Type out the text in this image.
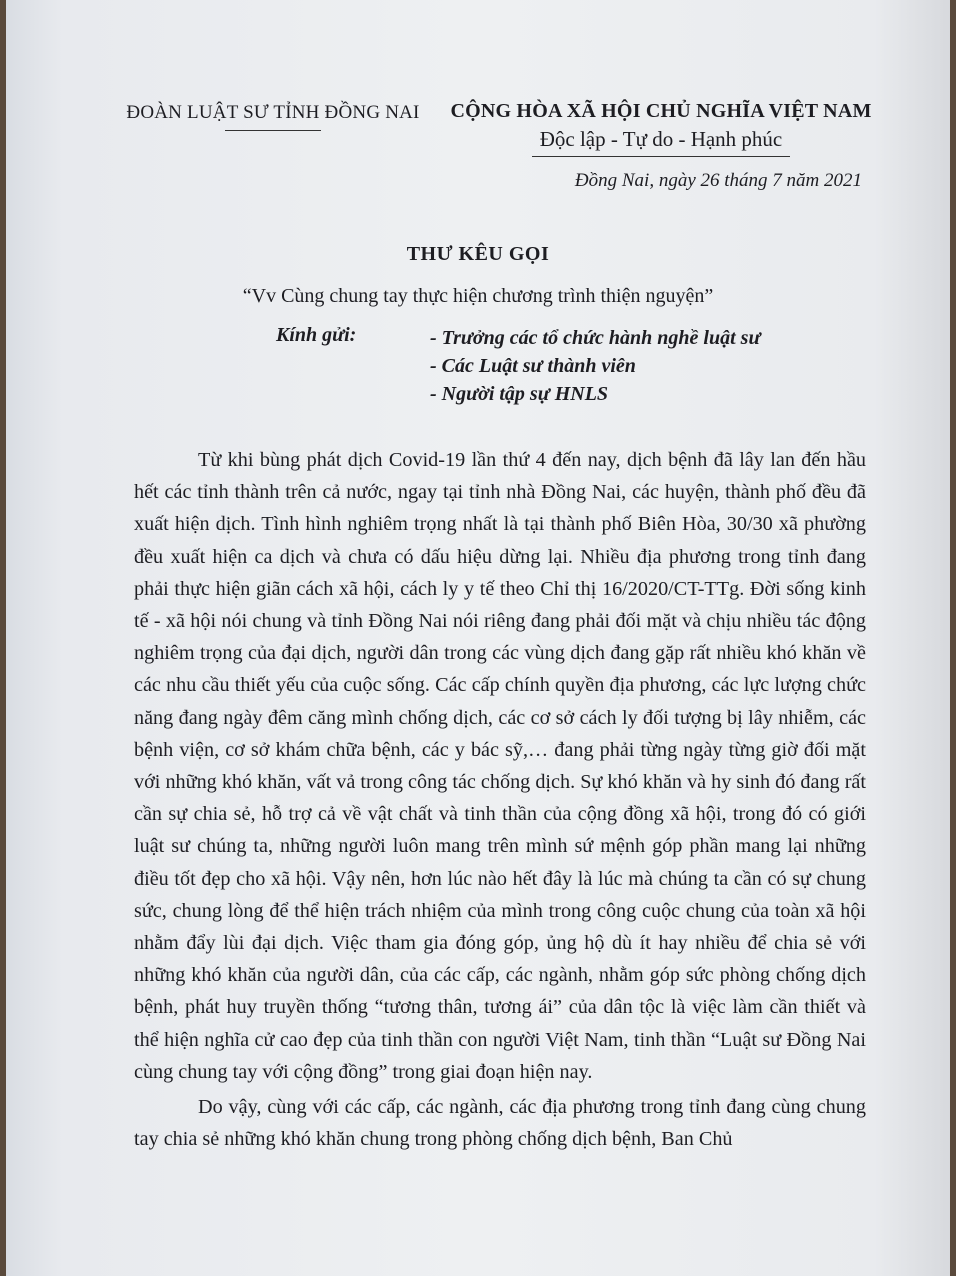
ĐOÀN LUẬT SƯ TỈNH ĐỒNG NAI	CỘNG HÒA XÃ HỘI CHỦ NGHĨA VIỆT NAM
Độc lập - Tự do - Hạnh phúc
Đồng Nai, ngày 26 tháng 7 năm 2021
THƯ KÊU GỌI
“Vv Cùng chung tay thực hiện chương trình thiện nguyện”
Kính gửi:	- Trưởng các tổ chức hành nghề luật sư
- Các Luật sư thành viên
- Người tập sự HNLS

Từ khi bùng phát dịch Covid-19 lần thứ 4 đến nay, dịch bệnh đã lây lan đến hầu hết các tỉnh thành trên cả nước, ngay tại tỉnh nhà Đồng Nai, các huyện, thành phố đều đã xuất hiện dịch. Tình hình nghiêm trọng nhất là tại thành phố Biên Hòa, 30/30 xã phường đều xuất hiện ca dịch và chưa có dấu hiệu dừng lại. Nhiều địa phương trong tỉnh đang phải thực hiện giãn cách xã hội, cách ly y tế theo Chỉ thị 16/2020/CT-TTg. Đời sống kinh tế - xã hội nói chung và tỉnh Đồng Nai nói riêng đang phải đối mặt và chịu nhiều tác động nghiêm trọng của đại dịch, người dân trong các vùng dịch đang gặp rất nhiều khó khăn về các nhu cầu thiết yếu của cuộc sống. Các cấp chính quyền địa phương, các lực lượng chức năng đang ngày đêm căng mình chống dịch, các cơ sở cách ly đối tượng bị lây nhiễm, các bệnh viện, cơ sở khám chữa bệnh, các y bác sỹ,… đang phải từng ngày từng giờ đối mặt với những khó khăn, vất vả trong công tác chống dịch. Sự khó khăn và hy sinh đó đang rất cần sự chia sẻ, hỗ trợ cả về vật chất và tinh thần của cộng đồng xã hội, trong đó có giới luật sư chúng ta, những người luôn mang trên mình sứ mệnh góp phần mang lại những điều tốt đẹp cho xã hội. Vậy nên, hơn lúc nào hết đây là lúc mà chúng ta cần có sự chung sức, chung lòng để thể hiện trách nhiệm của mình trong công cuộc chung của toàn xã hội nhằm đẩy lùi đại dịch. Việc tham gia đóng góp, ủng hộ dù ít hay nhiều để chia sẻ với những khó khăn của người dân, của các cấp, các ngành, nhằm góp sức phòng chống dịch bệnh, phát huy truyền thống “tương thân, tương ái” của dân tộc là việc làm cần thiết và thể hiện nghĩa cử cao đẹp của tinh thần con người Việt Nam, tinh thần “Luật sư Đồng Nai cùng chung tay với cộng đồng” trong giai đoạn hiện nay.

Do vậy, cùng với các cấp, các ngành, các địa phương trong tỉnh đang cùng chung tay chia sẻ những khó khăn chung trong phòng chống dịch bệnh, Ban Chủ
